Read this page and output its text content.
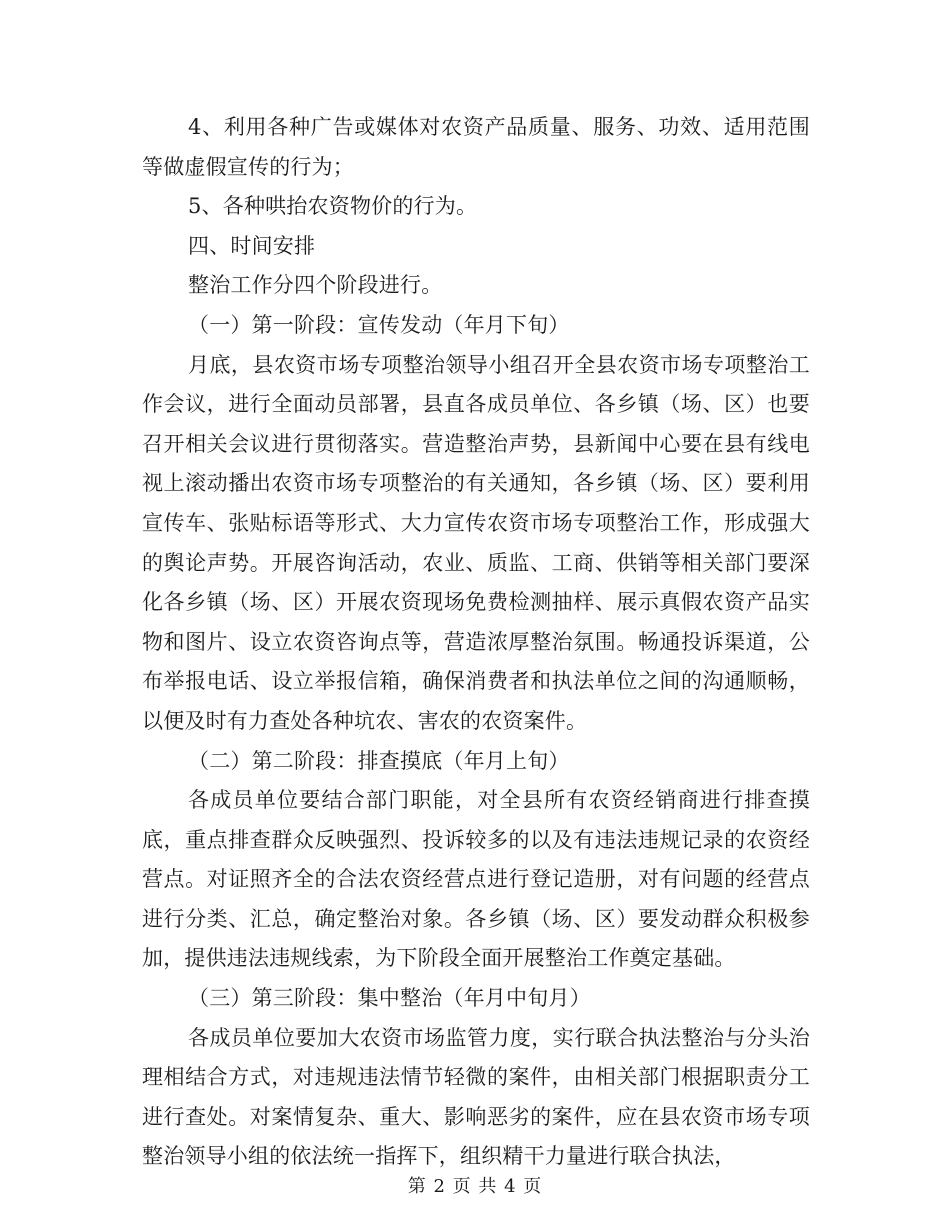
4、利用各种广告或媒体对农资产品质量、服务、功效、适用范围等做虚假宣传的行为；

5、各种哄抬农资物价的行为。

四、时间安排

整治工作分四个阶段进行。

（一）第一阶段：宣传发动（年月下旬）

月底，县农资市场专项整治领导小组召开全县农资市场专项整治工作会议，进行全面动员部署，县直各成员单位、各乡镇（场、区）也要召开相关会议进行贯彻落实。营造整治声势，县新闻中心要在县有线电视上滚动播出农资市场专项整治的有关通知，各乡镇（场、区）要利用宣传车、张贴标语等形式、大力宣传农资市场专项整治工作，形成强大的舆论声势。开展咨询活动，农业、质监、工商、供销等相关部门要深化各乡镇（场、区）开展农资现场免费检测抽样、展示真假农资产品实物和图片、设立农资咨询点等，营造浓厚整治氛围。畅通投诉渠道，公布举报电话、设立举报信箱，确保消费者和执法单位之间的沟通顺畅，以便及时有力查处各种坑农、害农的农资案件。

（二）第二阶段：排查摸底（年月上旬）

各成员单位要结合部门职能，对全县所有农资经销商进行排查摸底，重点排查群众反映强烈、投诉较多的以及有违法违规记录的农资经营点。对证照齐全的合法农资经营点进行登记造册，对有问题的经营点进行分类、汇总，确定整治对象。各乡镇（场、区）要发动群众积极参加，提供违法违规线索，为下阶段全面开展整治工作奠定基础。

（三）第三阶段：集中整治（年月中旬月）

各成员单位要加大农资市场监管力度，实行联合执法整治与分头治理相结合方式，对违规违法情节轻微的案件，由相关部门根据职责分工进行查处。对案情复杂、重大、影响恶劣的案件，应在县农资市场专项整治领导小组的依法统一指挥下，组织精干力量进行联合执法，

第 2 页 共 4 页
